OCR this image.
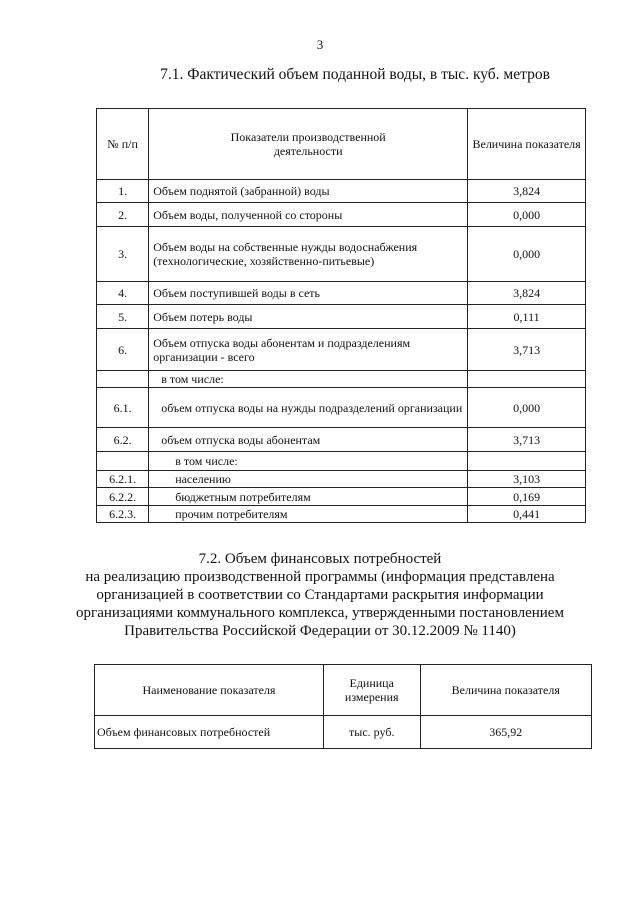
3
7.1. Фактический объем поданной воды, в тыс. куб. метров
№ п/п	Показатели производственной деятельности	Величина показателя
1.	Объем поднятой (забранной) воды	3,824
2.	Объем воды, полученной со стороны	0,000
3.	Объем воды на собственные нужды водоснабжения (технологические, хозяйственно-питьевые)	0,000
4.	Объем поступившей воды в сеть	3,824
5.	Объем потерь воды	0,111
6.	Объем отпуска воды абонентам и подразделениям организации - всего	3,713
	в том числе:	
6.1.	объем отпуска воды на нужды подразделений организации	0,000
6.2.	объем отпуска воды абонентам	3,713
	в том числе:	
6.2.1.	населению	3,103
6.2.2.	бюджетным потребителям	0,169
6.2.3.	прочим потребителям	0,441
7.2. Объем финансовых потребностей
на реализацию производственной программы (информация представлена
организацией в соответствии со Стандартами раскрытия информации
организациями коммунального комплекса, утвержденными постановлением
Правительства Российской Федерации от 30.12.2009 № 1140)
Наименование показателя	Единица измерения	Величина показателя
Объем финансовых потребностей	тыс. руб.	365,92
